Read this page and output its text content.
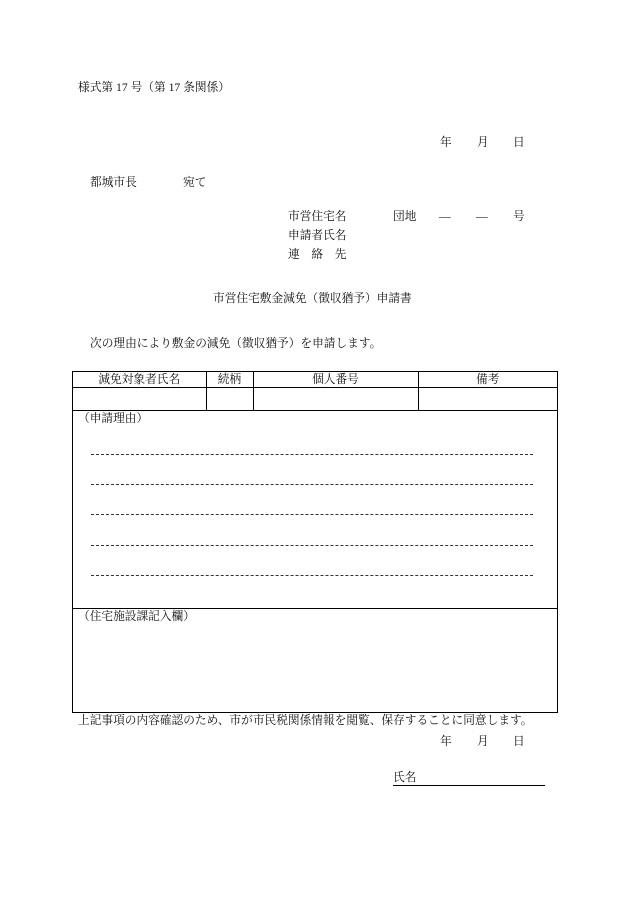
様式第 17 号（第 17 条関係）
年 月 日
都城市長	宛て
市営住宅名	団地 — — 号
申請者氏名
連　絡　先
市営住宅敷金減免（徴収猶予）申請書
次の理由により敷金の減免（徴収猶予）を申請します。
減免対象者氏名	続柄	個人番号	備考

（申請理由）
（住宅施設課記入欄）
上記事項の内容確認のため、市が市民税関係情報を閲覧、保存することに同意します。
年 月 日
氏名
